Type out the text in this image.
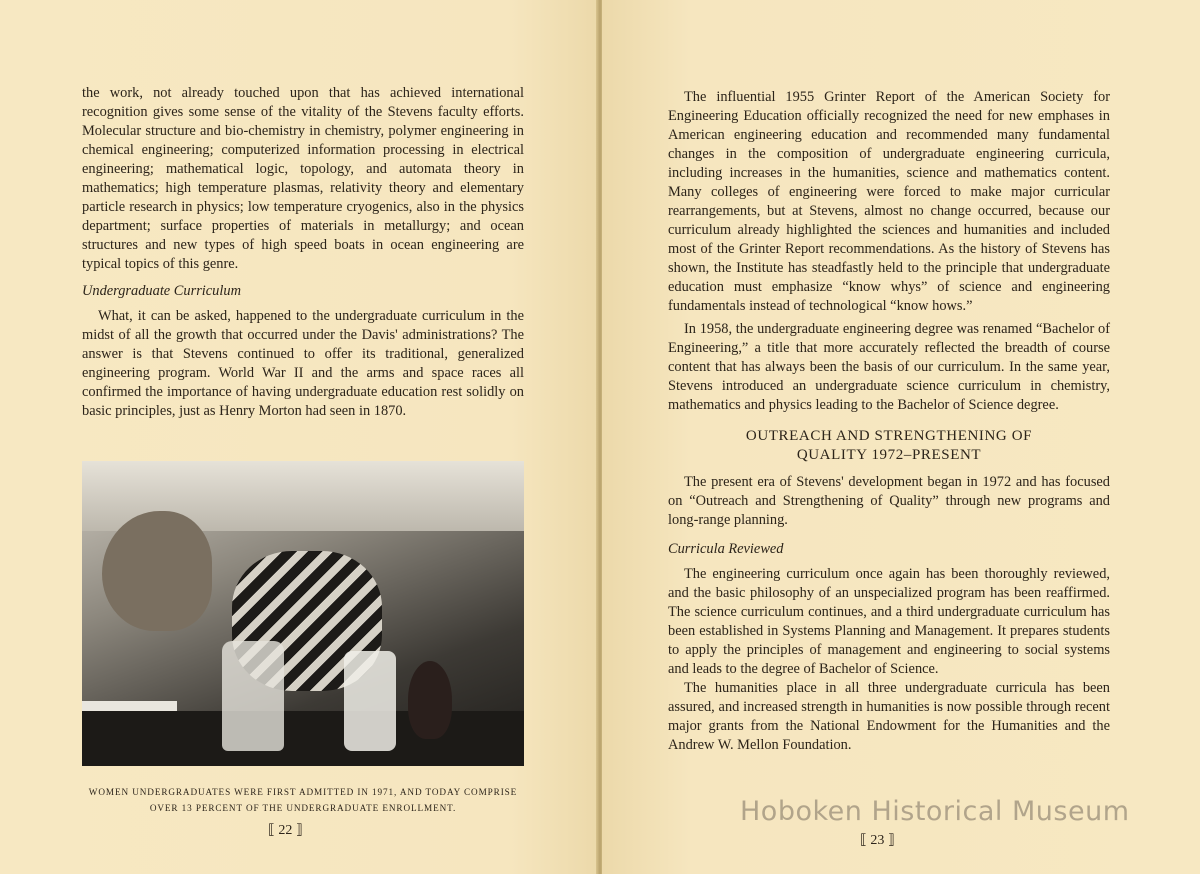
the work, not already touched upon that has achieved international recognition gives some sense of the vitality of the Stevens faculty efforts. Molecular structure and bio-chemistry in chemistry, polymer engineering in chemical engineering; computerized information processing in electrical engineering; mathematical logic, topology, and automata theory in mathematics; high temperature plasmas, relativity theory and elementary particle research in physics; low temperature cryogenics, also in the physics department; surface properties of materials in metallurgy; and ocean structures and new types of high speed boats in ocean engineering are typical topics of this genre.

Undergraduate Curriculum

What, it can be asked, happened to the undergraduate curriculum in the midst of all the growth that occurred under the Davis' administrations? The answer is that Stevens continued to offer its traditional, generalized engineering program. World War II and the arms and space races all confirmed the importance of having undergraduate education rest solidly on basic principles, just as Henry Morton had seen in 1870.

WOMEN UNDERGRADUATES WERE FIRST ADMITTED IN 1971, AND TODAY COMPRISE
OVER 13 PERCENT OF THE UNDERGRADUATE ENROLLMENT.
⟦ 22 ⟧

The influential 1955 Grinter Report of the American Society for Engineering Education officially recognized the need for new emphases in American engineering education and recommended many fundamental changes in the composition of undergraduate engineering curricula, including increases in the humanities, science and mathematics content. Many colleges of engineering were forced to make major curricular rearrangements, but at Stevens, almost no change occurred, because our curriculum already highlighted the sciences and humanities and included most of the Grinter Report recommendations. As the history of Stevens has shown, the Institute has steadfastly held to the principle that undergraduate education must emphasize “know whys” of science and engineering fundamentals instead of technological “know hows.”

In 1958, the undergraduate engineering degree was renamed “Bachelor of Engineering,” a title that more accurately reflected the breadth of course content that has always been the basis of our curriculum. In the same year, Stevens introduced an undergraduate science curriculum in chemistry, mathematics and physics leading to the Bachelor of Science degree.

OUTREACH AND STRENGTHENING OF
QUALITY 1972–PRESENT

The present era of Stevens' development began in 1972 and has focused on “Outreach and Strengthening of Quality” through new programs and long-range planning.

Curricula Reviewed

The engineering curriculum once again has been thoroughly reviewed, and the basic philosophy of an unspecialized program has been reaffirmed. The science curriculum continues, and a third undergraduate curriculum has been established in Systems Planning and Management. It prepares students to apply the principles of management and engineering to social systems and leads to the degree of Bachelor of Science.

The humanities place in all three undergraduate curricula has been assured, and increased strength in humanities is now possible through recent major grants from the National Endowment for the Humanities and the Andrew W. Mellon Foundation.

⟦ 23 ⟧
Hoboken Historical Museum
